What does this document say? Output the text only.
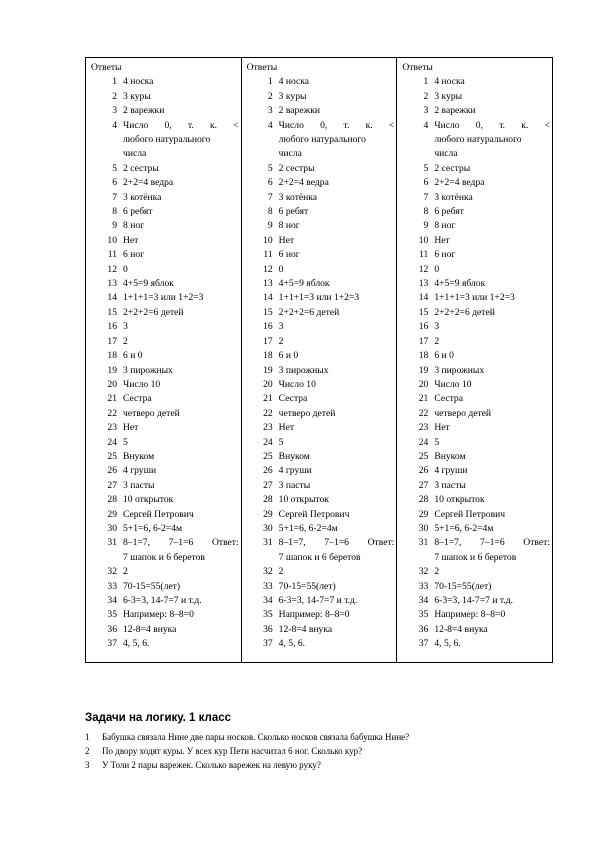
Ответы
1 4 носка
2 3 куры
3 2 варежки
4 Число 0, т. к. <
любого натурального
числа
5 2 сестры
6 2+2=4 ведра
7 3 котёнка
8 6 ребят
9 8 ног
10 Нет
11 6 ног
12 0
13 4+5=9 яблок
14 1+1+1=3 или 1+2=3
15 2+2+2=6 детей
16 3
17 2
18 6 и 0
19 3 пирожных
20 Число 10
21 Сестра
22 четверо детей
23 Нет
24 5
25 Внуком
26 4 груши
27 3 пасты
28 10 открыток
29 Сергей Петрович
30 5+1=6, 6-2=4м
31 8–1=7, 7–1=6 Ответ:
7 шапок и 6 беретов
32 2
33 70-15=55(лет)
34 6-3=3, 14-7=7 и т.д.
35 Например: 8–8=0
36 12-8=4 внука
37 4, 5, 6.
Ответы
1 4 носка
2 3 куры
3 2 варежки
4 Число 0, т. к. <
любого натурального
числа
5 2 сестры
6 2+2=4 ведра
7 3 котёнка
8 6 ребят
9 8 ног
10 Нет
11 6 ног
12 0
13 4+5=9 яблок
14 1+1+1=3 или 1+2=3
15 2+2+2=6 детей
16 3
17 2
18 6 и 0
19 3 пирожных
20 Число 10
21 Сестра
22 четверо детей
23 Нет
24 5
25 Внуком
26 4 груши
27 3 пасты
28 10 открыток
29 Сергей Петрович
30 5+1=6, 6-2=4м
31 8–1=7, 7–1=6 Ответ:
7 шапок и 6 беретов
32 2
33 70-15=55(лет)
34 6-3=3, 14-7=7 и т.д.
35 Например: 8–8=0
36 12-8=4 внука
37 4, 5, 6.
Ответы
1 4 носка
2 3 куры
3 2 варежки
4 Число 0, т. к. <
любого натурального
числа
5 2 сестры
6 2+2=4 ведра
7 3 котёнка
8 6 ребят
9 8 ног
10 Нет
11 6 ног
12 0
13 4+5=9 яблок
14 1+1+1=3 или 1+2=3
15 2+2+2=6 детей
16 3
17 2
18 6 и 0
19 3 пирожных
20 Число 10
21 Сестра
22 четверо детей
23 Нет
24 5
25 Внуком
26 4 груши
27 3 пасты
28 10 открыток
29 Сергей Петрович
30 5+1=6, 6-2=4м
31 8–1=7, 7–1=6 Ответ:
7 шапок и 6 беретов
32 2
33 70-15=55(лет)
34 6-3=3, 14-7=7 и т.д.
35 Например: 8–8=0
36 12-8=4 внука
37 4, 5, 6.
Задачи на логику. 1 класс
1	Бабушка связала Нине две пары носков. Сколько носков связала бабушка Нине?
2	По двору ходят куры. У всех кур Пети насчитал 6 ног. Сколько кур?
3	У Толи 2 пары варежек. Сколько варежек на левую руку?
